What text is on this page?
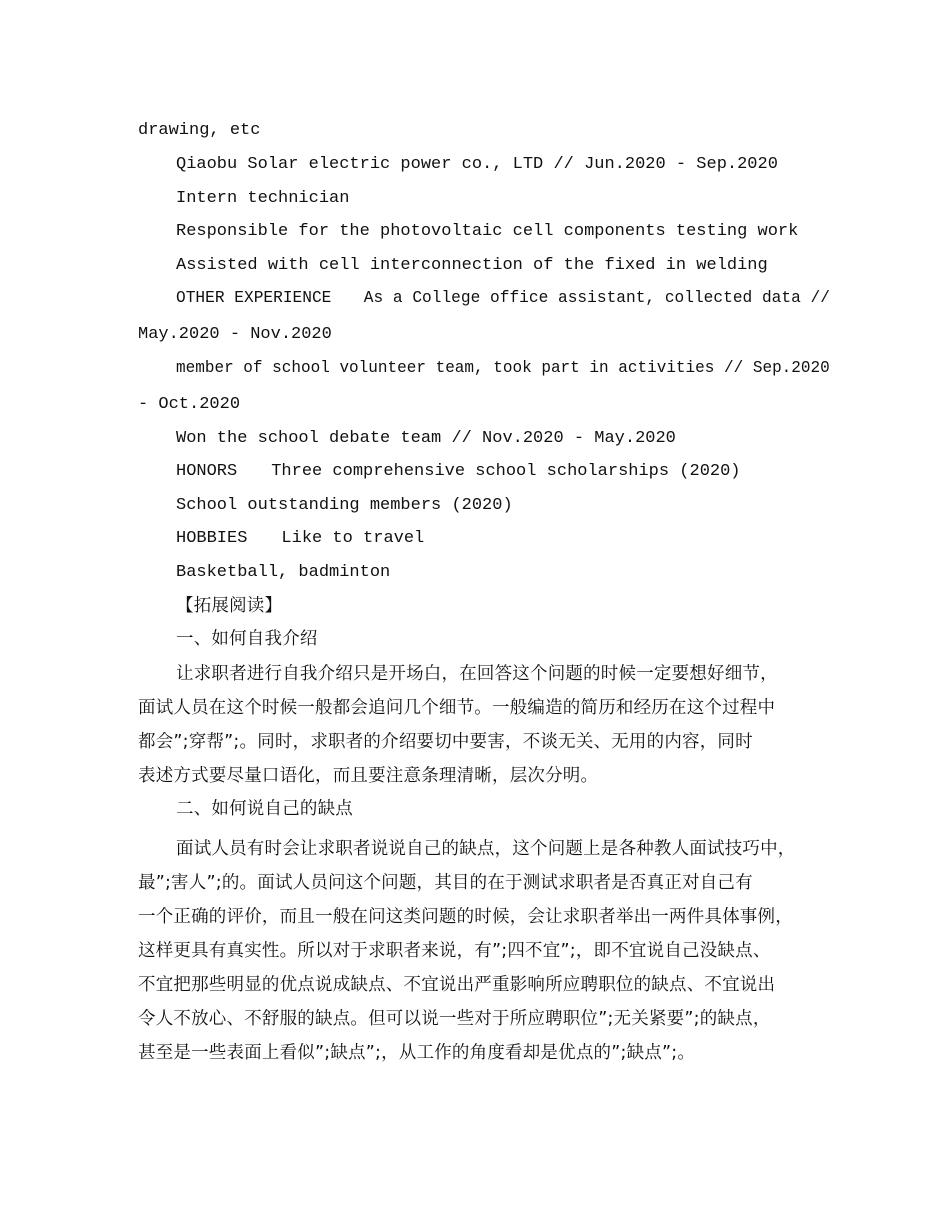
drawing, etc
Qiaobu Solar electric power co., LTD // Jun.2020 - Sep.2020
Intern technician
Responsible for the photovoltaic cell components testing work
Assisted with cell interconnection of the fixed in welding
OTHER EXPERIENCE As a College office assistant, collected data //
May.2020 - Nov.2020
member of school volunteer team, took part in activities // Sep.2020
- Oct.2020
Won the school debate team // Nov.2020 - May.2020
HONORS Three comprehensive school scholarships (2020)
School outstanding members (2020)
HOBBIES Like to travel
Basketball, badminton
【拓展阅读】
一、如何自我介绍
让求职者进行自我介绍只是开场白，在回答这个问题的时候一定要想好细节，
面试人员在这个时候一般都会追问几个细节。一般编造的简历和经历在这个过程中
都会”;穿帮”;。同时，求职者的介绍要切中要害，不谈无关、无用的内容，同时
表述方式要尽量口语化，而且要注意条理清晰，层次分明。
二、如何说自己的缺点
面试人员有时会让求职者说说自己的缺点，这个问题上是各种教人面试技巧中，
最”;害人”;的。面试人员问这个问题，其目的在于测试求职者是否真正对自己有
一个正确的评价，而且一般在问这类问题的时候，会让求职者举出一两件具体事例，
这样更具有真实性。所以对于求职者来说，有”;四不宜”;，即不宜说自己没缺点、
不宜把那些明显的优点说成缺点、不宜说出严重影响所应聘职位的缺点、不宜说出
令人不放心、不舒服的缺点。但可以说一些对于所应聘职位”;无关紧要”;的缺点，
甚至是一些表面上看似”;缺点”;，从工作的角度看却是优点的”;缺点”;。
